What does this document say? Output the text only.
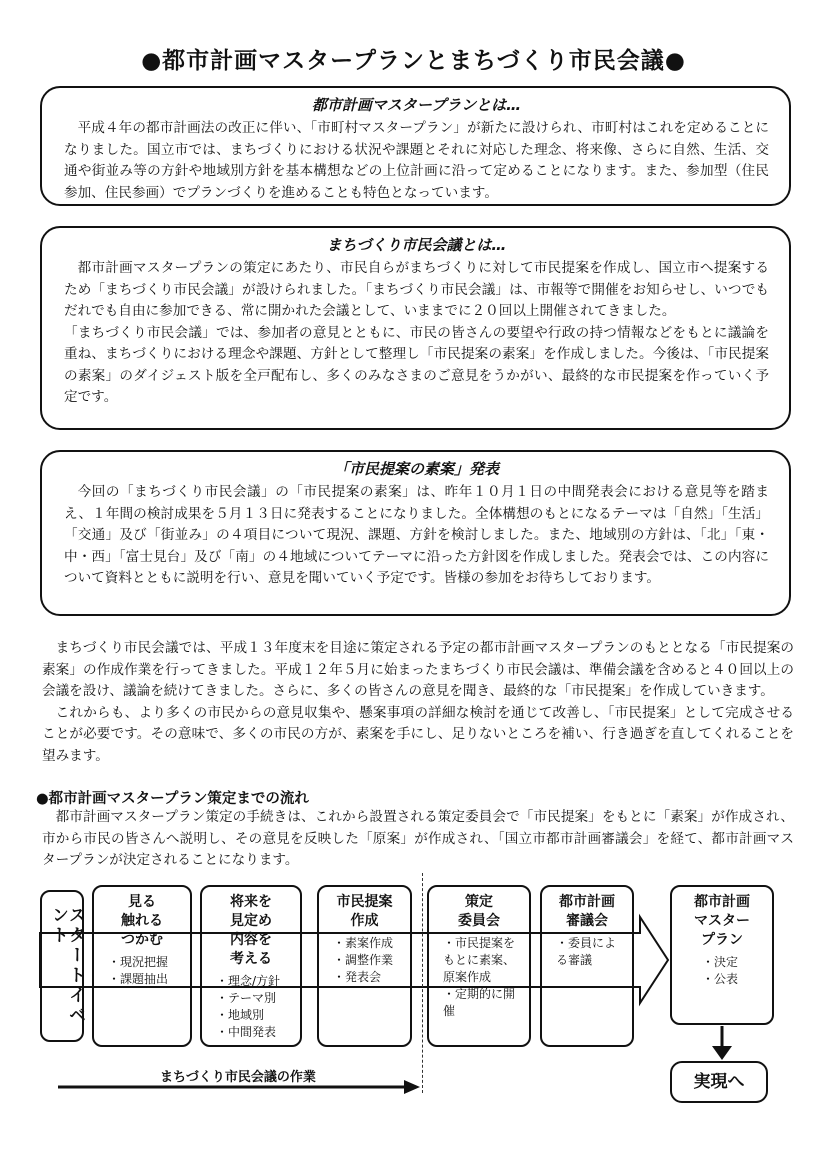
●都市計画マスタープランとまちづくり市民会議●
都市計画マスタープランとは…

平成４年の都市計画法の改正に伴い、「市町村マスタープラン」が新たに設けられ、市町村はこれを定めることになりました。国立市では、まちづくりにおける状況や課題とそれに対応した理念、将来像、さらに自然、生活、交通や街並み等の方針や地域別方針を基本構想などの上位計画に沿って定めることになります。また、参加型（住民参加、住民参画）でプランづくりを進めることも特色となっています。

まちづくり市民会議とは…

都市計画マスタープランの策定にあたり、市民自らがまちづくりに対して市民提案を作成し、国立市へ提案するため「まちづくり市民会議」が設けられました。「まちづくり市民会議」は、市報等で開催をお知らせし、いつでもだれでも自由に参加できる、常に開かれた会議として、いままでに２０回以上開催されてきました。

「まちづくり市民会議」では、参加者の意見とともに、市民の皆さんの要望や行政の持つ情報などをもとに議論を重ね、まちづくりにおける理念や課題、方針として整理し「市民提案の素案」を作成しました。今後は、「市民提案の素案」のダイジェスト版を全戸配布し、多くのみなさまのご意見をうかがい、最終的な市民提案を作っていく予定です。

「市民提案の素案」発表

今回の「まちづくり市民会議」の「市民提案の素案」は、昨年１０月１日の中間発表会における意見等を踏まえ、１年間の検討成果を５月１３日に発表することになりました。全体構想のもとになるテーマは「自然」「生活」「交通」及び「街並み」の４項目について現況、課題、方針を検討しました。また、地域別の方針は、「北」「東・中・西」「富士見台」及び「南」の４地域についてテーマに沿った方針図を作成しました。発表会では、この内容について資料とともに説明を行い、意見を聞いていく予定です。皆様の参加をお待ちしております。

まちづくり市民会議では、平成１３年度末を目途に策定される予定の都市計画マスタープランのもととなる「市民提案の素案」の作成作業を行ってきました。平成１２年５月に始まったまちづくり市民会議は、準備会議を含めると４０回以上の会議を設け、議論を続けてきました。さらに、多くの皆さんの意見を聞き、最終的な「市民提案」を作成していきます。

これからも、より多くの市民からの意見収集や、懸案事項の詳細な検討を通じて改善し、「市民提案」として完成させることが必要です。その意味で、多くの市民の方が、素案を手にし、足りないところを補い、行き過ぎを直してくれることを望みます。

●都市計画マスタープラン策定までの流れ

都市計画マスタープラン策定の手続きは、これから設置される策定委員会で「市民提案」をもとに「素案」が作成され、市から市民の皆さんへ説明し、その意見を反映した「原案」が作成され、「国立市都市計画審議会」を経て、都市計画マスタープランが決定されることになります。

スタートイベント
見る
触れる
つかむ
・ 現況把握
・ 課題抽出
将来を
見定め
内容を
考える
・ 理念/方針
・ テーマ別
・ 地域別
・ 中間発表
市民提案
作成
・ 素案作成
・ 調整作業
・ 発表会
策定
委員会
・ 市民提案をもとに素案、原案作成
・ 定期的に開催
都市計画
審議会
・ 委員による審議
都市計画
マスター
プラン
・ 決定
・ 公表
実現へ
まちづくり市民会議の作業
